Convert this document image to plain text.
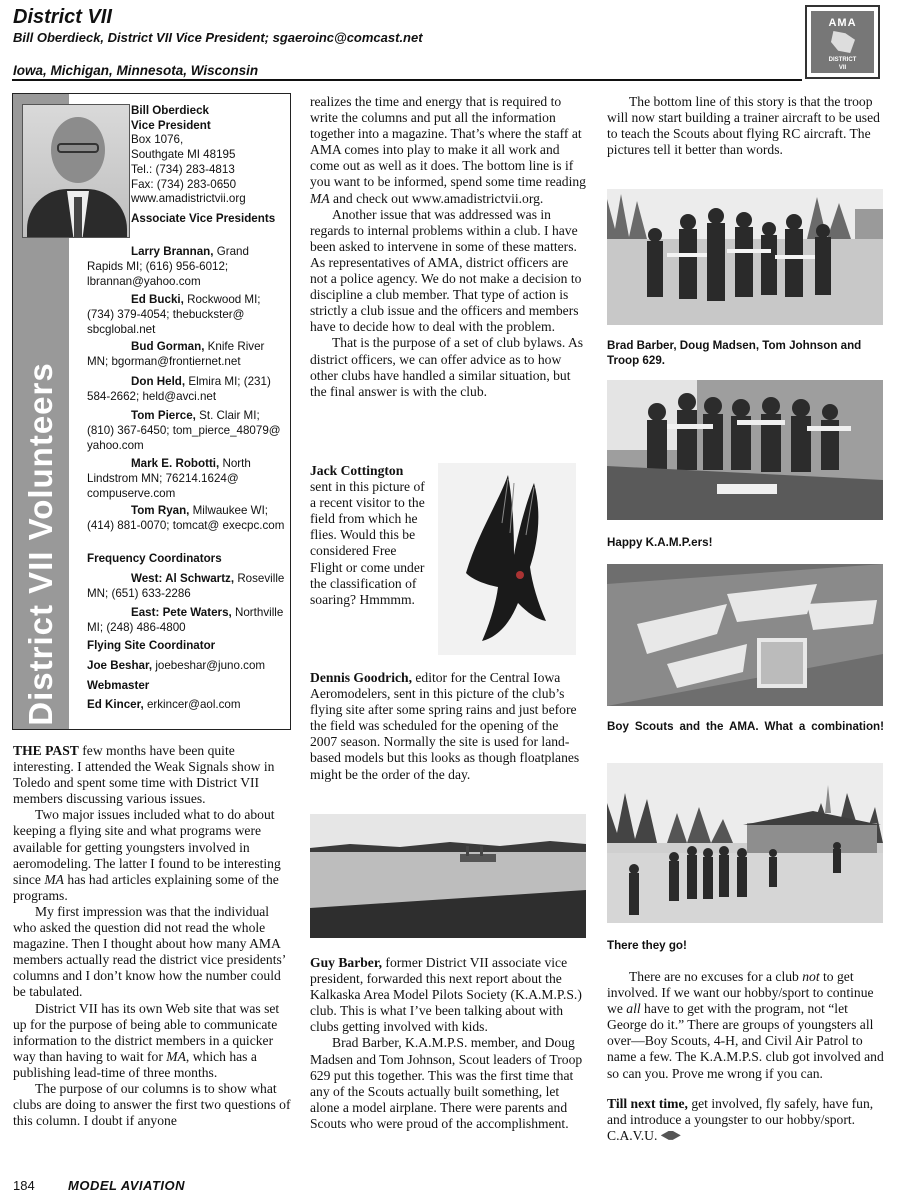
District VII
Bill Oberdieck, District VII Vice President; sgaeroinc@comcast.net
Iowa, Michigan, Minnesota, Wisconsin
AMA
DISTRICT
VII
District VII Volunteers
Bill Oberdieck
Vice President
Box 1076,
Southgate MI 48195
Tel.: (734) 283-4813
Fax: (734) 283-0650
www.amadistrictvii.org
Associate Vice Presidents
Larry Brannan, Grand Rapids MI; (616) 956-6012; lbrannan@yahoo.com
Ed Bucki, Rockwood MI; (734) 379-4054; thebuckster@ sbcglobal.net
Bud Gorman, Knife River MN; bgorman@frontiernet.net
Don Held, Elmira MI; (231) 584-2662; held@avci.net
Tom Pierce, St. Clair MI; (810) 367-6450; tom_pierce_48079@ yahoo.com
Mark E. Robotti, North Lindstrom MN; 76214.1624@ compuserve.com
Tom Ryan, Milwaukee WI; (414) 881-0070; tomcat@ execpc.com
Frequency Coordinators
West: Al Schwartz, Roseville MN; (651) 633-2286
East: Pete Waters, Northville MI; (248) 486-4800
Flying Site Coordinator
Joe Beshar, joebeshar@juno.com
Webmaster
Ed Kincer, erkincer@aol.com

THE PAST few months have been quite interesting. I attended the Weak Signals show in Toledo and spent some time with District VII members discussing various issues.

Two major issues included what to do about keeping a flying site and what programs were available for getting youngsters involved in aeromodeling. The latter I found to be interesting since MA has had articles explaining some of the programs.

My first impression was that the individual who asked the question did not read the whole magazine. Then I thought about how many AMA members actually read the district vice presidents’ columns and I don’t know how the number could be tabulated.

District VII has its own Web site that was set up for the purpose of being able to communicate information to the district members in a quicker way than having to wait for MA, which has a publishing lead-time of three months.

The purpose of our columns is to show what clubs are doing to answer the first two questions of this column. I doubt if anyone

realizes the time and energy that is required to write the columns and put all the information together into a magazine. That’s where the staff at AMA comes into play to make it all work and come out as well as it does. The bottom line is if you want to be informed, spend some time reading MA and check out www.amadistrictvii.org.

Another issue that was addressed was in regards to internal problems within a club. I have been asked to intervene in some of these matters. As representatives of AMA, district officers are not a police agency. We do not make a decision to discipline a club member. That type of action is strictly a club issue and the officers and members have to decide how to deal with the problem.

That is the purpose of a set of club bylaws. As district officers, we can offer advice as to how other clubs have handled a similar situation, but the final answer is with the club.

Jack Cottington sent in this picture of a recent visitor to the field from which he flies. Would this be considered Free Flight or come under the classification of soaring? Hmmmm.

Dennis Goodrich, editor for the Central Iowa Aeromodelers, sent in this picture of the club’s flying site after some spring rains and just before the field was scheduled for the opening of the 2007 season. Normally the site is used for land-based models but this looks as though floatplanes might be the order of the day.

Guy Barber, former District VII associate vice president, forwarded this next report about the Kalkaska Area Model Pilots Society (K.A.M.P.S.) club. This is what I’ve been talking about with clubs getting involved with kids.

Brad Barber, K.A.M.P.S. member, and Doug Madsen and Tom Johnson, Scout leaders of Troop 629 put this together. This was the first time that any of the Scouts actually built something, let alone a model airplane. There were parents and Scouts who were proud of the accomplishment.

The bottom line of this story is that the troop will now start building a trainer aircraft to be used to teach the Scouts about flying RC aircraft. The pictures tell it better than words.

Brad Barber, Doug Madsen, Tom Johnson and Troop 629.
Happy K.A.M.P.ers!
Boy Scouts and the AMA. What a combination!
There they go!

There are no excuses for a club not to get involved. If we want our hobby/sport to continue we all have to get with the program, not “let George do it.” There are groups of youngsters all over—Boy Scouts, 4-H, and Civil Air Patrol to name a few. The K.A.M.P.S. club got involved and so can you. Prove me wrong if you can.

Till next time, get involved, fly safely, have fun, and introduce a youngster to our hobby/sport. C.A.V.U.

184	MODEL AVIATION
